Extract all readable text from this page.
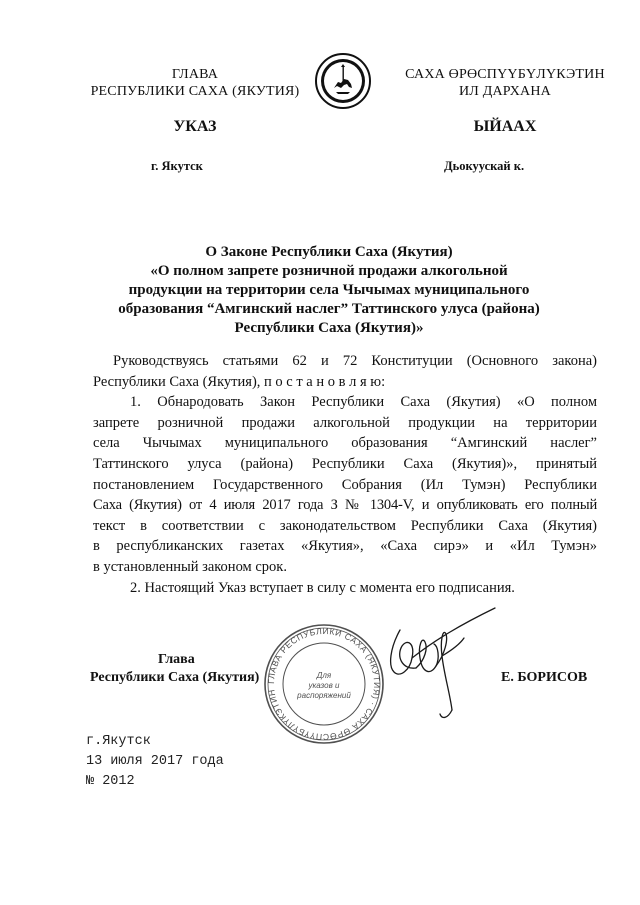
ГЛАВА
РЕСПУБЛИКИ САХА (ЯКУТИЯ)
САХА ӨРӨСПҮҮБҮЛҮКЭТИН
ИЛ ДАРХАНА
УКАЗ	ЫЙААХ
г. Якутск	Дьокуускай к.
О Законе Республики Саха (Якутия)
«О полном запрете розничной продажи алкогольной
продукции на территории села Чычымах муниципального
образования “Амгинский наслег” Таттинского улуса (района)
Республики Саха (Якутия)»
Руководствуясь статьями 62 и 72 Конституции (Основного закона)
Республики Саха (Якутия), п о с т а н о в л я ю:
1. Обнародовать Закон Республики Саха (Якутия) «О полном
запрете розничной продажи алкогольной продукции на территории
села Чычымах муниципального образования “Амгинский наслег”
Таттинского улуса (района) Республики Саха (Якутия)», принятый
постановлением Государственного Собрания (Ил Тумэн) Республики
Саха (Якутия) от 4 июля 2017 года З № 1304-V, и опубликовать его полный
текст в соответствии с законодательством Республики Саха (Якутия)
в республиканских газетах «Якутия», «Саха сирэ» и «Ил Тумэн»
в установленный законом срок.
2. Настоящий Указ вступает в силу с момента его подписания.
Глава
Республики Саха (Якутия) ГЛАВА РЕСПУБЛИКИ САХА (ЯКУТИЯ) · САХА ӨРӨСПҮҮБҮЛҮКЭТИН
Для
указов и
распоряжений
Е. БОРИСОВ
г.Якутск
13 июля 2017 года
№ 2012
